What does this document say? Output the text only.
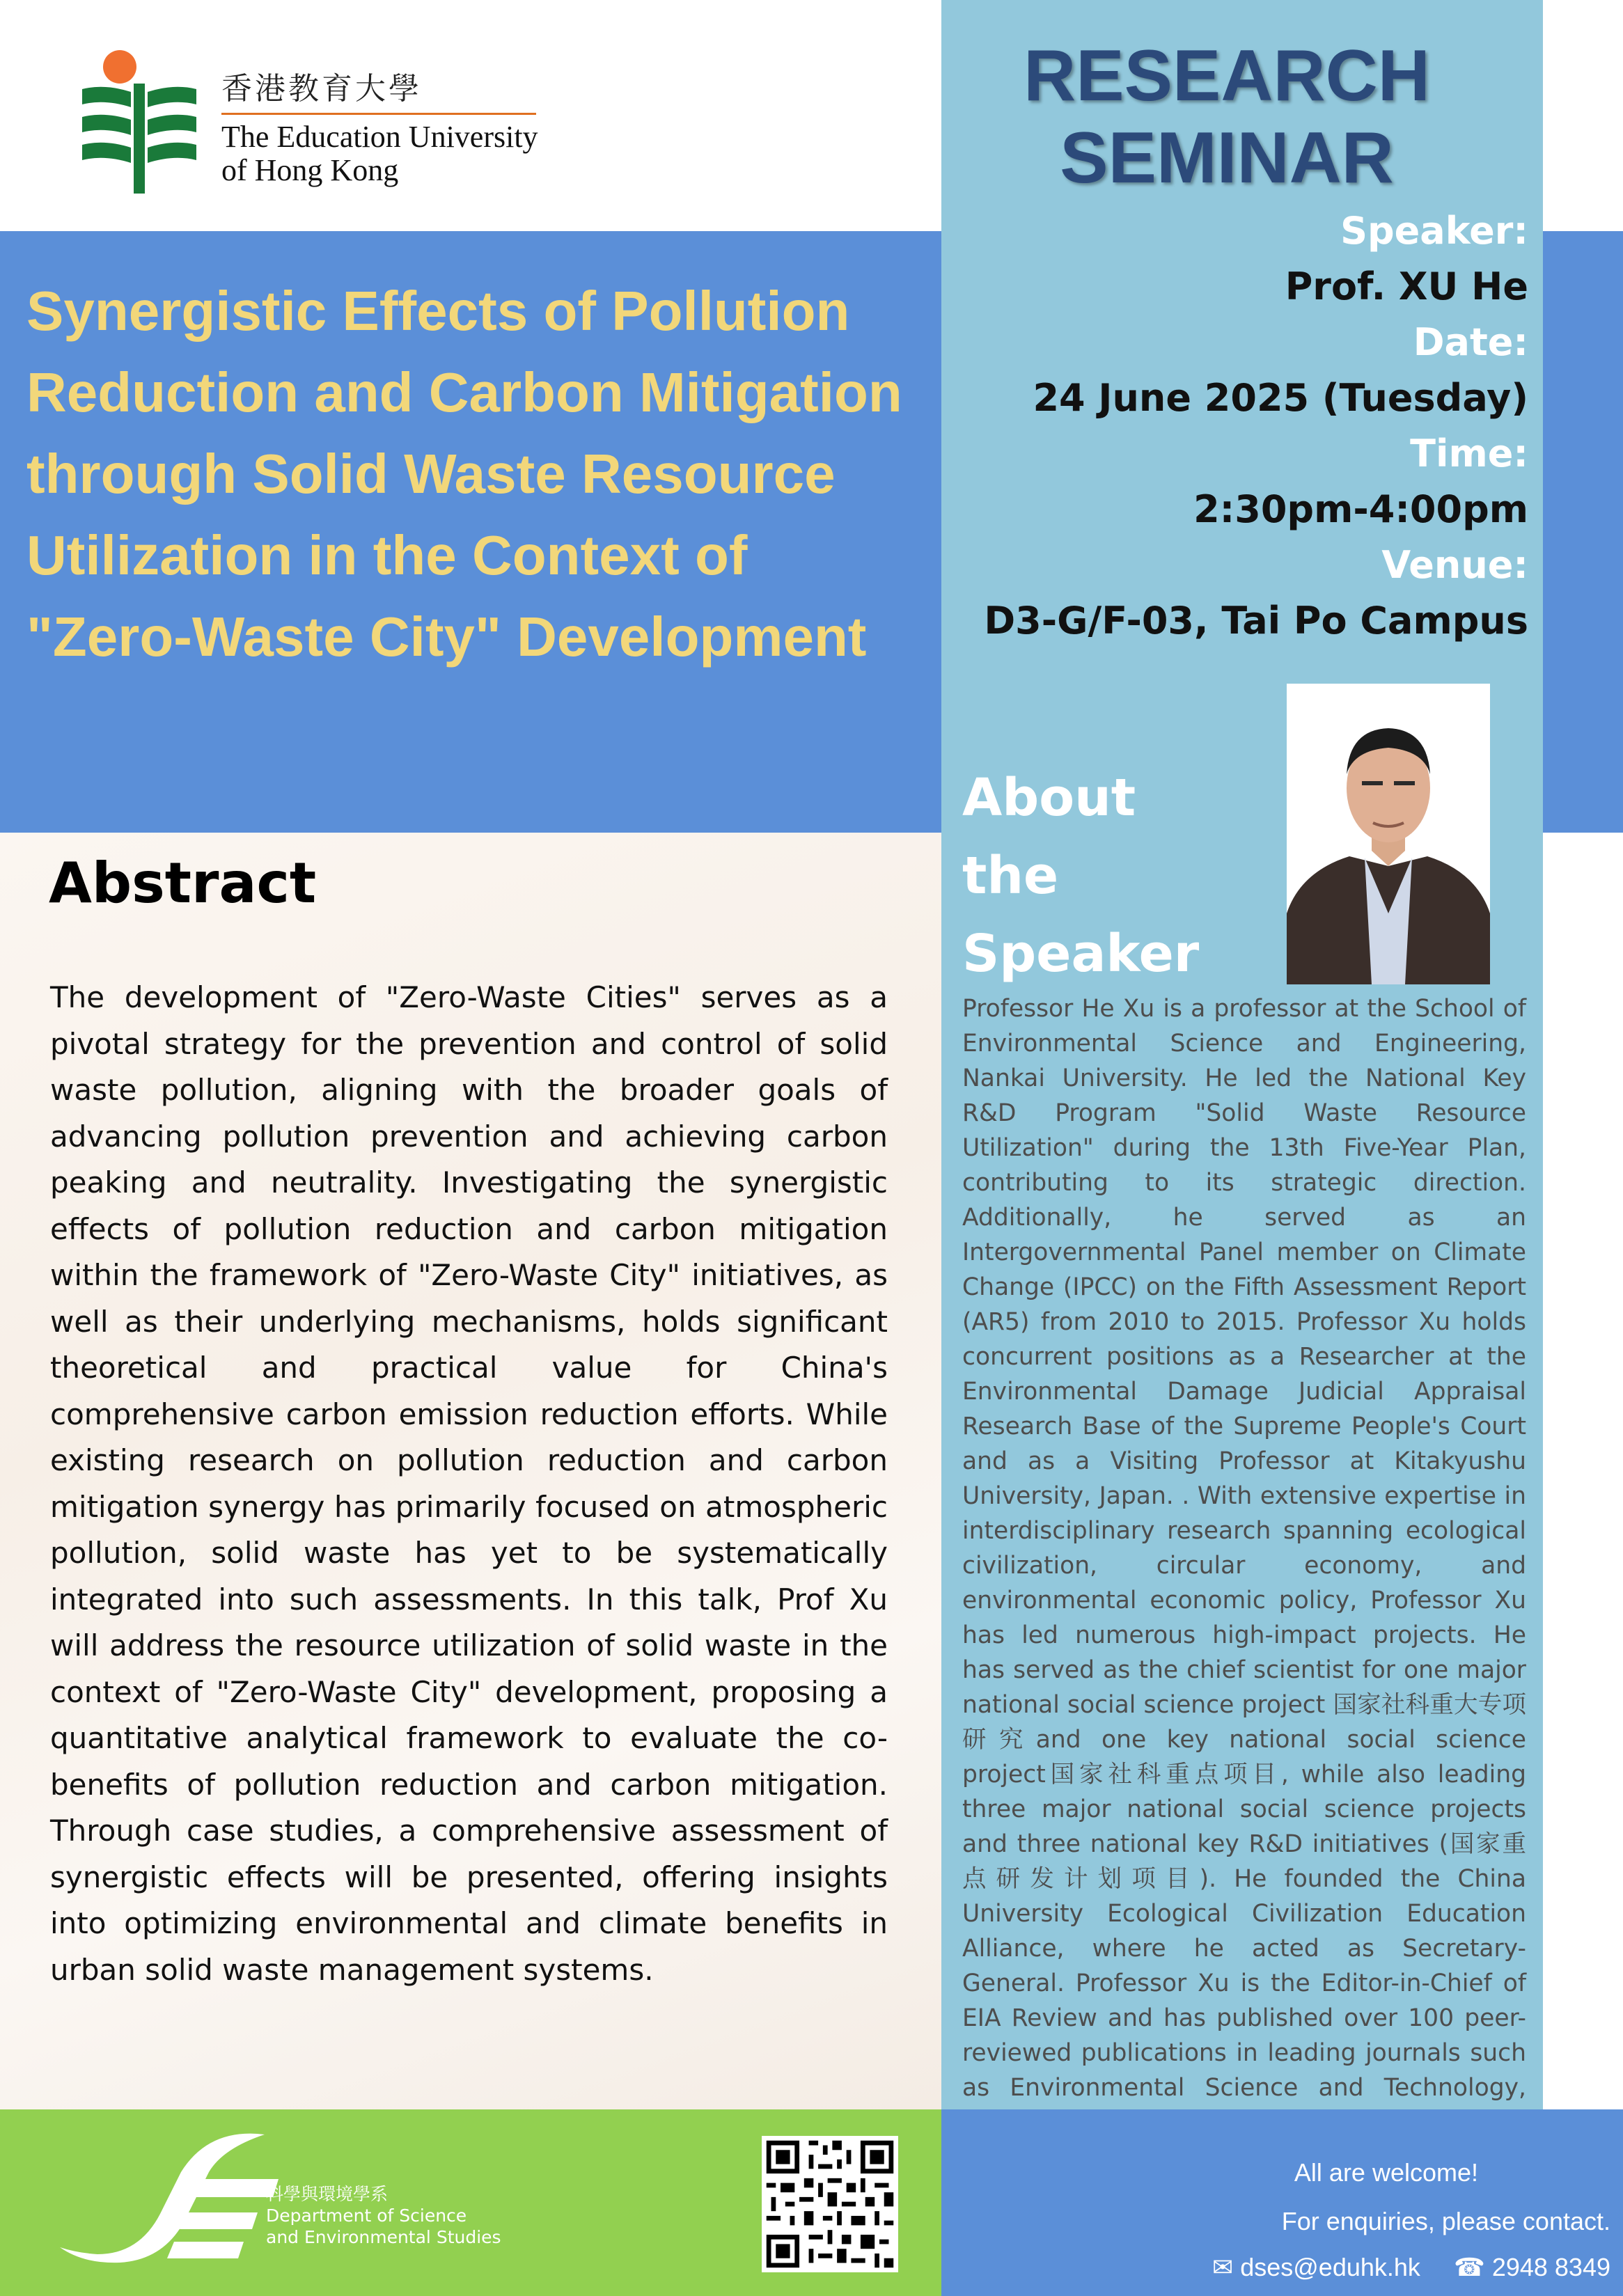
香港教育大學
The Education University
of Hong Kong
Synergistic Effects of Pollution Reduction and Carbon Mitigation through Solid Waste Resource Utilization in the Context of "Zero-Waste City" Development
RESEARCH
SEMINAR
Speaker:
Prof. XU He
Date:
24 June 2025 (Tuesday)
Time:
2:30pm-4:00pm
Venue:
D3-G/F-03, Tai Po Campus
About
the
Speaker
Professor He Xu is a professor at the School of Environmental Science and Engineering, Nankai University. He led the National Key R&D Program "Solid Waste Resource Utilization" during the 13th Five-Year Plan, contributing to its strategic direction. Additionally, he served as an Intergovernmental Panel member on Climate Change (IPCC) on the Fifth Assessment Report (AR5) from 2010 to 2015. Professor Xu holds concurrent positions as a Researcher at the Environmental Damage Judicial Appraisal Research Base of the Supreme People's Court and as a Visiting Professor at Kitakyushu University, Japan. . With extensive expertise in interdisciplinary research spanning ecological civilization, circular economy, and environmental economic policy, Professor Xu has led numerous high-impact projects. He has served as the chief scientist for one major national social science project 国家社科重大专项研究and one key national social science project国家社科重点项目, while also leading three major national social science projects and three national key R&D initiatives (国家重点研发计划项目). He founded the China University Ecological Civilization Education Alliance, where he acted as Secretary-General. Professor Xu is the Editor-in-Chief of EIA Review and has published over 100 peer-reviewed publications in leading journals such as Environmental Science and Technology,
Abstract
The development of "Zero-Waste Cities" serves as a pivotal strategy for the prevention and control of solid waste pollution, aligning with the broader goals of advancing pollution prevention and achieving carbon peaking and neutrality. Investigating the synergistic effects of pollution reduction and carbon mitigation within the framework of "Zero-Waste City" initiatives, as well as their underlying mechanisms, holds significant theoretical and practical value for China's comprehensive carbon emission reduction efforts. While existing research on pollution reduction and carbon mitigation synergy has primarily focused on atmospheric pollution, solid waste has yet to be systematically integrated into such assessments. In this talk, Prof Xu will address the resource utilization of solid waste in the context of "Zero-Waste City" development, proposing a quantitative analytical framework to evaluate the co-benefits of pollution reduction and carbon mitigation. Through case studies, a comprehensive assessment of synergistic effects will be presented, offering insights into optimizing environmental and climate benefits in urban solid waste management systems.
科學與環境學系
Department of Science
and Environmental Studies
All are welcome!
For enquiries, please contact.
✉ dses@eduhk.hk ☎ 2948 8349
